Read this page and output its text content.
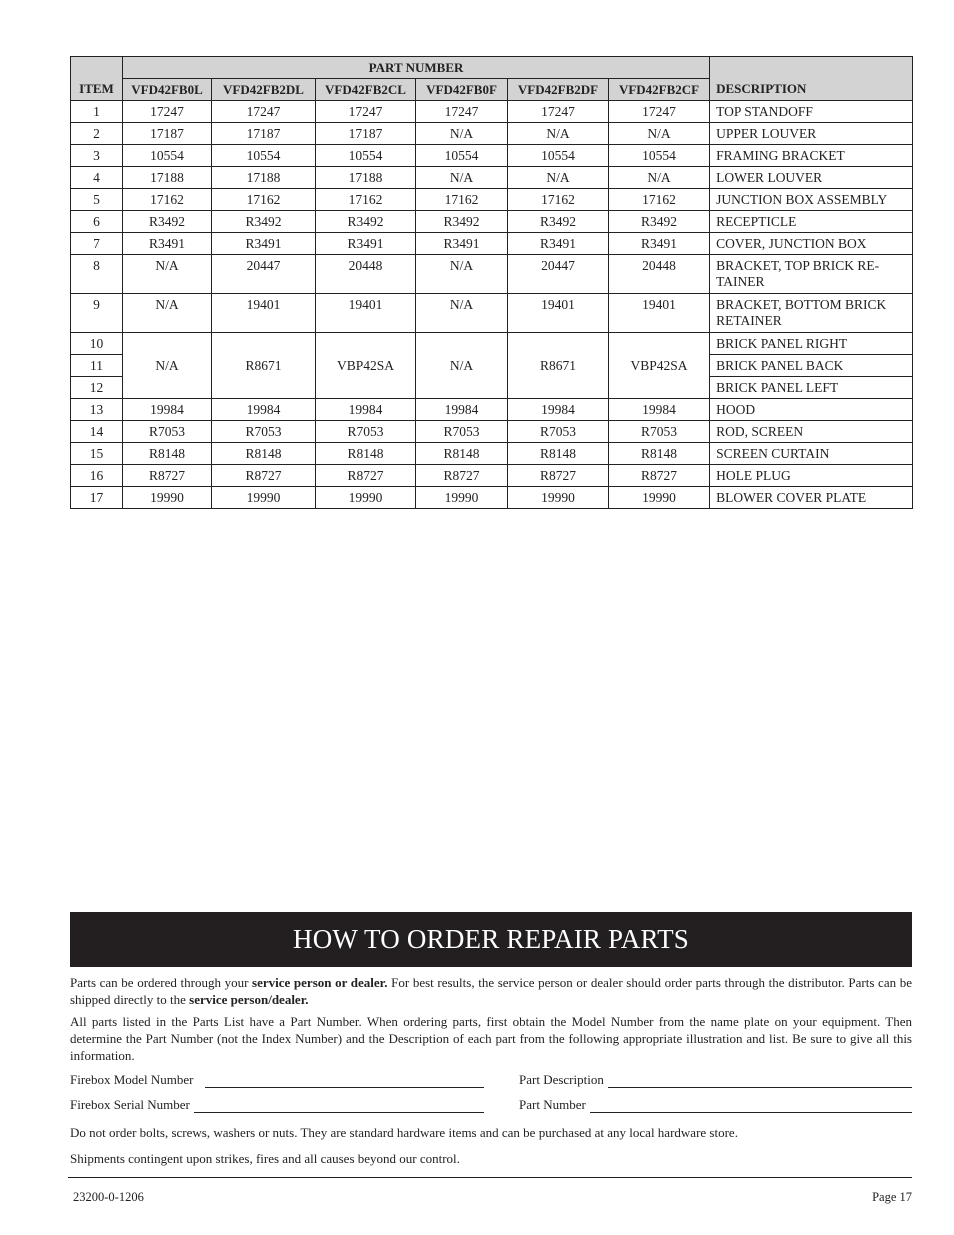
ITEM	PART NUMBER						DESCRIPTION
	VFD42FB0L	VFD42FB2DL	VFD42FB2CL	VFD42FB0F	VFD42FB2DF	VFD42FB2CF	
1	17247	17247	17247	17247	17247	17247	TOP STANDOFF
2	17187	17187	17187	N/A	N/A	N/A	UPPER LOUVER
3	10554	10554	10554	10554	10554	10554	FRAMING BRACKET
4	17188	17188	17188	N/A	N/A	N/A	LOWER LOUVER
5	17162	17162	17162	17162	17162	17162	JUNCTION BOX ASSEMBLY
6	R3492	R3492	R3492	R3492	R3492	R3492	RECEPTICLE
7	R3491	R3491	R3491	R3491	R3491	R3491	COVER, JUNCTION BOX
8	N/A	20447	20448	N/A	20447	20448	BRACKET, TOP BRICK RE-
TAINER

9	N/A	19401	19401	N/A	19401	19401	BRACKET, BOTTOM BRICK
RETAINER

10	N/A	R8671	VBP42SA	N/A	R8671	VBP42SA	BRICK PANEL RIGHT
11							BRICK PANEL BACK
12							BRICK PANEL LEFT
13	19984	19984	19984	19984	19984	19984	HOOD
14	R7053	R7053	R7053	R7053	R7053	R7053	ROD, SCREEN
15	R8148	R8148	R8148	R8148	R8148	R8148	SCREEN CURTAIN
16	R8727	R8727	R8727	R8727	R8727	R8727	HOLE PLUG
17	19990	19990	19990	19990	19990	19990	BLOWER COVER PLATE
HOW TO ORDER REPAIR PARTS

Parts can be ordered through your service person or dealer. For best results, the service person or dealer should order parts through the distributor. Parts can be shipped directly to the service person/dealer.

All parts listed in the Parts List have a Part Number. When ordering parts, first obtain the Model Number from the name plate on your equipment. Then determine the Part Number (not the Index Number) and the Description of each part from the following appropriate illustration and list. Be sure to give all this information.

Firebox Model Number	Part Description
Firebox Serial Number	Part Number

Do not order bolts, screws, washers or nuts. They are standard hardware items and can be purchased at any local hardware store.

Shipments contingent upon strikes, fires and all causes beyond our control.

23200-0-1206	Page 17
